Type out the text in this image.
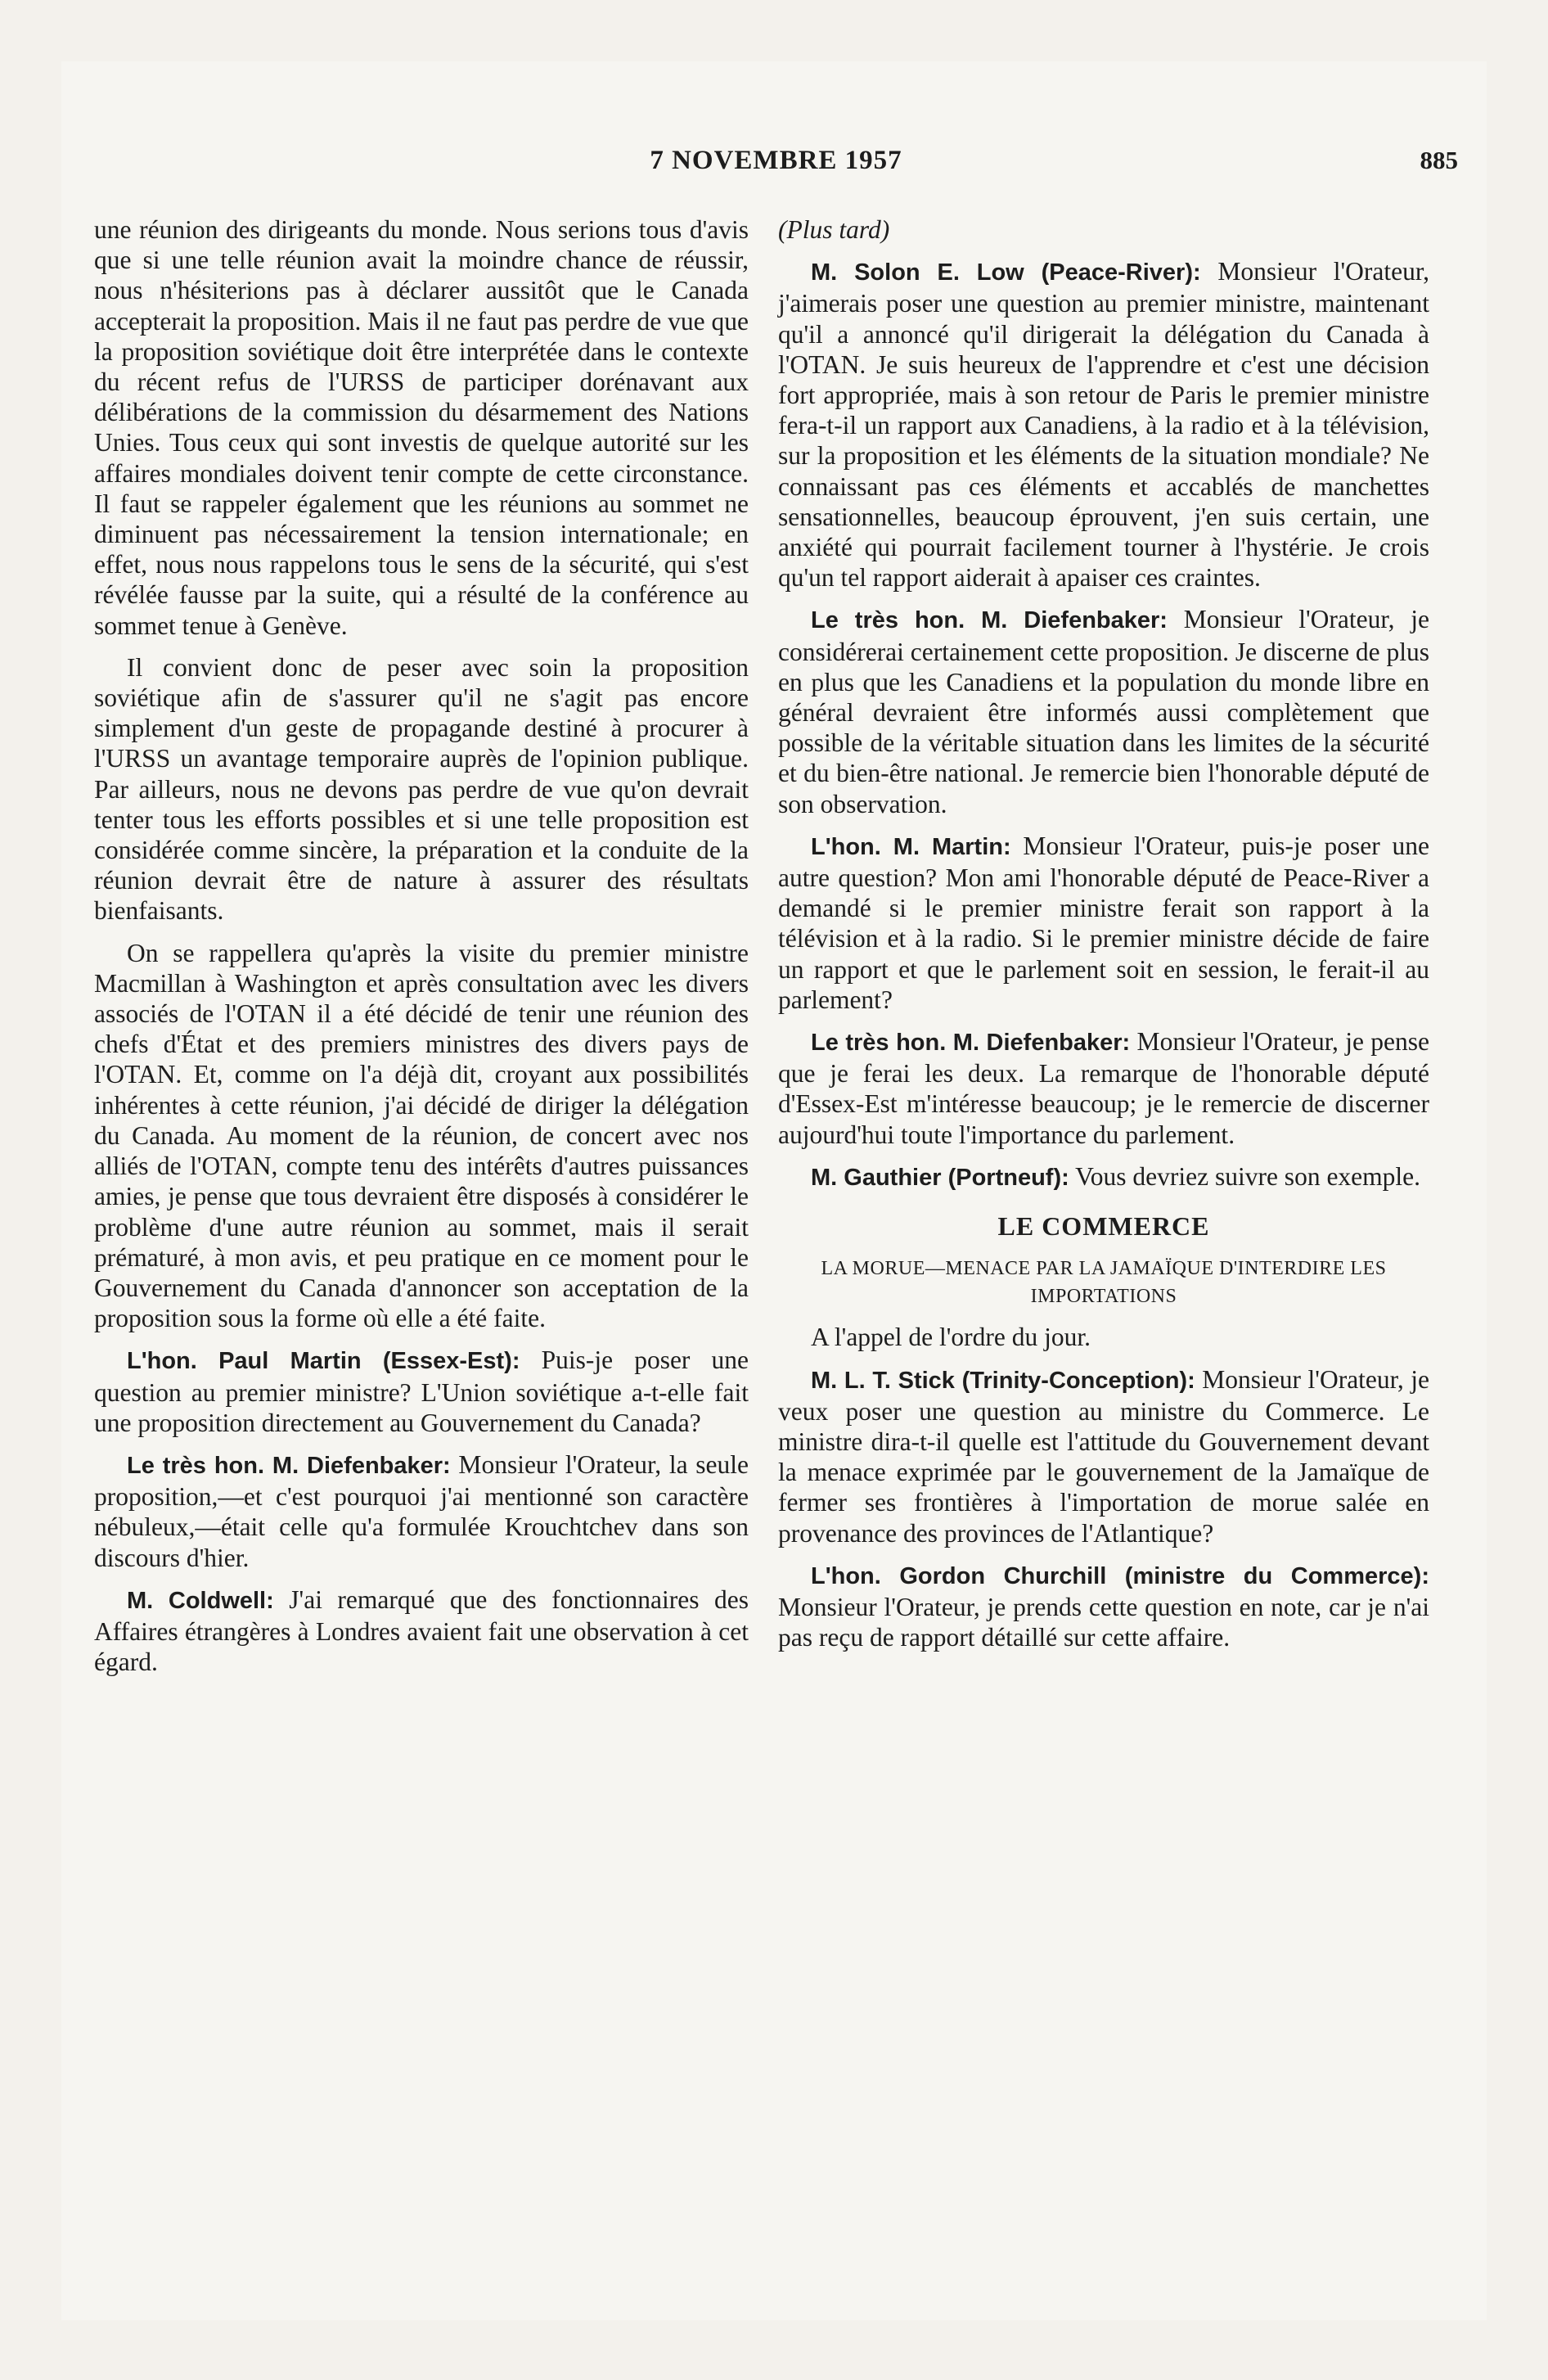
7 NOVEMBRE 1957	885

une réunion des dirigeants du monde. Nous serions tous d'avis que si une telle réunion avait la moindre chance de réussir, nous n'hésiterions pas à déclarer aussitôt que le Canada accepterait la proposition. Mais il ne faut pas perdre de vue que la proposition soviétique doit être interprétée dans le contexte du récent refus de l'URSS de participer dorénavant aux délibérations de la commission du désarmement des Nations Unies. Tous ceux qui sont investis de quelque autorité sur les affaires mondiales doivent tenir compte de cette circonstance. Il faut se rappeler également que les réunions au sommet ne diminuent pas nécessairement la tension internationale; en effet, nous nous rappelons tous le sens de la sécurité, qui s'est révélée fausse par la suite, qui a résulté de la conférence au sommet tenue à Genève.

Il convient donc de peser avec soin la proposition soviétique afin de s'assurer qu'il ne s'agit pas encore simplement d'un geste de propagande destiné à procurer à l'URSS un avantage temporaire auprès de l'opinion publique. Par ailleurs, nous ne devons pas perdre de vue qu'on devrait tenter tous les efforts possibles et si une telle proposition est considérée comme sincère, la préparation et la conduite de la réunion devrait être de nature à assurer des résultats bienfaisants.

On se rappellera qu'après la visite du premier ministre Macmillan à Washington et après consultation avec les divers associés de l'OTAN il a été décidé de tenir une réunion des chefs d'État et des premiers ministres des divers pays de l'OTAN. Et, comme on l'a déjà dit, croyant aux possibilités inhérentes à cette réunion, j'ai décidé de diriger la délégation du Canada. Au moment de la réunion, de concert avec nos alliés de l'OTAN, compte tenu des intérêts d'autres puissances amies, je pense que tous devraient être disposés à considérer le problème d'une autre réunion au sommet, mais il serait prématuré, à mon avis, et peu pratique en ce moment pour le Gouvernement du Canada d'annoncer son acceptation de la proposition sous la forme où elle a été faite.

L'hon. Paul Martin (Essex-Est): Puis-je poser une question au premier ministre? L'Union soviétique a-t-elle fait une proposition directement au Gouvernement du Canada?

Le très hon. M. Diefenbaker: Monsieur l'Orateur, la seule proposition,—et c'est pourquoi j'ai mentionné son caractère nébuleux,—était celle qu'a formulée Krouchtchev dans son discours d'hier.

M. Coldwell: J'ai remarqué que des fonctionnaires des Affaires étrangères à Londres avaient fait une observation à cet égard.

(Plus tard)

M. Solon E. Low (Peace-River): Monsieur l'Orateur, j'aimerais poser une question au premier ministre, maintenant qu'il a annoncé qu'il dirigerait la délégation du Canada à l'OTAN. Je suis heureux de l'apprendre et c'est une décision fort appropriée, mais à son retour de Paris le premier ministre fera-t-il un rapport aux Canadiens, à la radio et à la télévision, sur la proposition et les éléments de la situation mondiale? Ne connaissant pas ces éléments et accablés de manchettes sensationnelles, beaucoup éprouvent, j'en suis certain, une anxiété qui pourrait facilement tourner à l'hystérie. Je crois qu'un tel rapport aiderait à apaiser ces craintes.

Le très hon. M. Diefenbaker: Monsieur l'Orateur, je considérerai certainement cette proposition. Je discerne de plus en plus que les Canadiens et la population du monde libre en général devraient être informés aussi complètement que possible de la véritable situation dans les limites de la sécurité et du bien-être national. Je remercie bien l'honorable député de son observation.

L'hon. M. Martin: Monsieur l'Orateur, puis-je poser une autre question? Mon ami l'honorable député de Peace-River a demandé si le premier ministre ferait son rapport à la télévision et à la radio. Si le premier ministre décide de faire un rapport et que le parlement soit en session, le ferait-il au parlement?

Le très hon. M. Diefenbaker: Monsieur l'Orateur, je pense que je ferai les deux. La remarque de l'honorable député d'Essex-Est m'intéresse beaucoup; je le remercie de discerner aujourd'hui toute l'importance du parlement.

M. Gauthier (Portneuf): Vous devriez suivre son exemple.

LE COMMERCE
LA MORUE—MENACE PAR LA JAMAÏQUE D'INTERDIRE LES IMPORTATIONS

A l'appel de l'ordre du jour.

M. L. T. Stick (Trinity-Conception): Monsieur l'Orateur, je veux poser une question au ministre du Commerce. Le ministre dira-t-il quelle est l'attitude du Gouvernement devant la menace exprimée par le gouvernement de la Jamaïque de fermer ses frontières à l'importation de morue salée en provenance des provinces de l'Atlantique?

L'hon. Gordon Churchill (ministre du Commerce): Monsieur l'Orateur, je prends cette question en note, car je n'ai pas reçu de rapport détaillé sur cette affaire.
